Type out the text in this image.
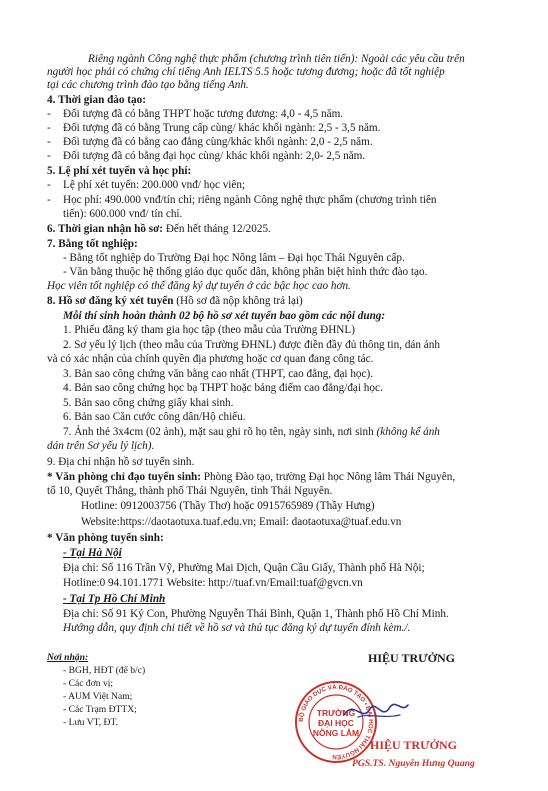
Riêng ngành Công nghệ thực phẩm (chương trình tiên tiến): Ngoài các yêu cầu trên
người học phải có chứng chỉ tiếng Anh IELTS 5.5 hoặc tương đương; hoặc đã tốt nghiệp
tại các chương trình đào tạo bằng tiếng Anh.
4. Thời gian đào tạo:
- Đối tượng đã có bằng THPT hoặc tương đương: 4,0 - 4,5 năm.
- Đối tượng đã có bằng Trung cấp cùng/ khác khối ngành: 2,5 - 3,5 năm.
- Đối tượng đã có bằng cao đẳng cùng/khác khối ngành: 2,0 - 2,5 năm.
- Đối tượng đã có bằng đại học cùng/ khác khối ngành: 2,0- 2,5 năm.
5. Lệ phí xét tuyển và học phí:
- Lệ phí xét tuyển: 200.000 vnđ/ học viên;
- Học phí: 490.000 vnđ/tín chỉ; riêng ngành Công nghệ thực phẩm (chương trình tiên
tiến): 600.000 vnđ/ tín chỉ.
6. Thời gian nhận hồ sơ: Đến hết tháng 12/2025.
7. Bằng tốt nghiệp:
- Bằng tốt nghiệp do Trường Đại học Nông lâm – Đại học Thái Nguyên cấp.
- Văn bằng thuộc hệ thống giáo dục quốc dân, không phân biệt hình thức đào tạo.
Học viên tốt nghiệp có thể đăng ký dự tuyển ở các bậc học cao hơn.
8. Hồ sơ đăng ký xét tuyển (Hồ sơ đã nộp không trả lại)
Mỗi thí sinh hoàn thành 02 bộ hồ sơ xét tuyển bao gồm các nội dung:
1. Phiếu đăng ký tham gia học tập (theo mẫu của Trường ĐHNL)
2. Sơ yếu lý lịch (theo mẫu của Trường ĐHNL) được điền đầy đủ thông tin, dán ảnh
và có xác nhận của chính quyền địa phương hoặc cơ quan đang công tác.
3. Bản sao công chứng văn bằng cao nhất (THPT, cao đẳng, đại học).
4. Bản sao công chứng học bạ THPT hoặc bảng điểm cao đẳng/đại học.
5. Bản sao công chứng giấy khai sinh.
6. Bản sao Căn cước công dân/Hộ chiếu.
7. Ảnh thẻ 3x4cm (02 ảnh), mặt sau ghi rõ họ tên, ngày sinh, nơi sinh (không kể ảnh
dán trên Sơ yếu lý lịch).
9. Địa chỉ nhận hồ sơ tuyển sinh.
* Văn phòng chỉ đạo tuyển sinh: Phòng Đào tạo, trường Đại học Nông lâm Thái Nguyên,
tổ 10, Quyết Thắng, thành phố Thái Nguyên, tỉnh Thái Nguyên.
Hotline: 0912003756 (Thầy Thơ) hoặc 0915765989 (Thầy Hưng)
Website:https://daotaotuxa.tuaf.edu.vn; Email: daotaotuxa@tuaf.edu.vn
* Văn phòng tuyển sinh:
- Tại Hà Nội
Địa chỉ: Số 116 Trần Vỹ, Phường Mai Dịch, Quận Cầu Giấy, Thành phố Hà Nội;
Hotline:0 94.101.1771 Website: http://tuaf.vn/Email:tuaf@gvcn.vn
- Tại Tp Hồ Chí Minh
Địa chỉ: Số 91 Ký Con, Phường Nguyễn Thái Bình, Quận 1, Thành phố Hồ Chí Minh.
Hướng dẫn, quy định chi tiết về hồ sơ và thủ tục đăng ký dự tuyển đính kèm./.
Nơi nhận:
- BGH, HĐT (để b/c)
- Các đơn vị;
- AUM Việt Nam;
- Các Trạm ĐTTX;
- Lưu VT, ĐT.
HIỆU TRƯỞNG
BỘ GIÁO DỤC VÀ ĐÀO TẠO • ĐẠI HỌC THÁI NGUYÊN
TRƯỜNG
ĐẠI HỌC
NÔNG LÂM
HIỆU TRƯỞNG
PGS.TS. Nguyễn Hưng Quang
